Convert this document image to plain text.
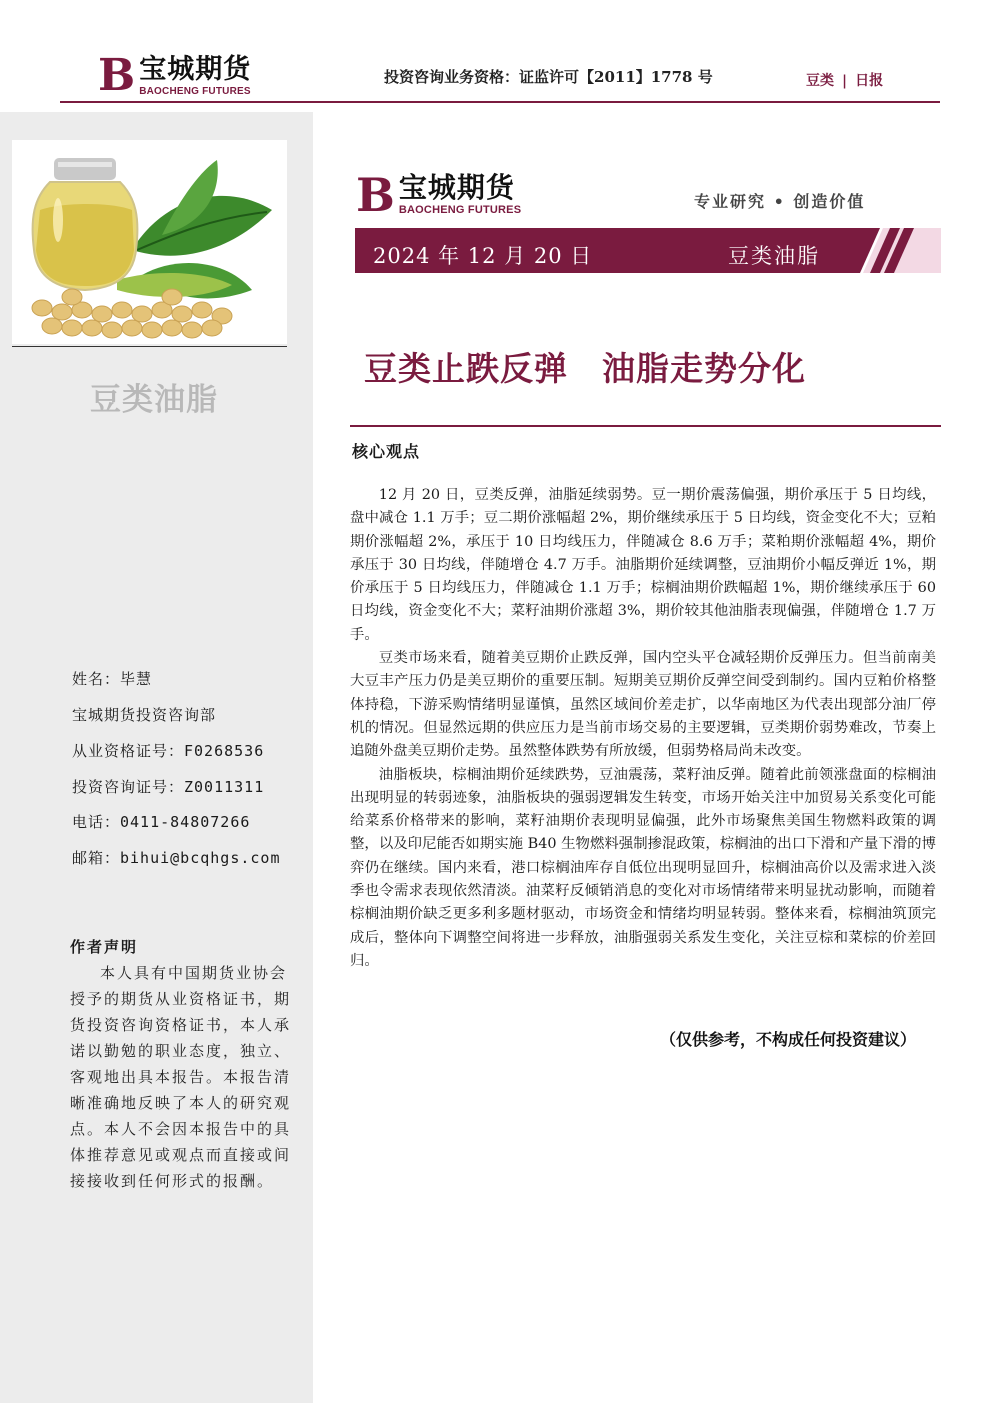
B 宝城期货
BAOCHENG FUTURES
投资咨询业务资格：证监许可【2011】1778 号	豆类 | 日报
豆类油脂
姓名：毕慧
宝城期货投资咨询部
从业资格证号：F0268536
投资咨询证号：Z0011311
电话：0411-84807266
邮箱：bihui@bcqhgs.com
作者声明
本人具有中国期货业协会授予的期货从业资格证书，期货投资咨询资格证书，本人承诺以勤勉的职业态度，独立、客观地出具本报告。本报告清晰准确地反映了本人的研究观点。本人不会因本报告中的具体推荐意见或观点而直接或间接接收到任何形式的报酬。
B 宝城期货
BAOCHENG FUTURES	专业研究 • 创造价值
2024 年 12 月 20 日	豆类油脂
豆类止跌反弹　油脂走势分化
核心观点

12 月 20 日，豆类反弹，油脂延续弱势。豆一期价震荡偏强，期价承压于 5 日均线，盘中减仓 1.1 万手；豆二期价涨幅超 2%，期价继续承压于 5 日均线，资金变化不大；豆粕期价涨幅超 2%，承压于 10 日均线压力，伴随减仓 8.6 万手；菜粕期价涨幅超 4%，期价承压于 30 日均线，伴随增仓 4.7 万手。油脂期价延续调整，豆油期价小幅反弹近 1%，期价承压于 5 日均线压力，伴随减仓 1.1 万手；棕榈油期价跌幅超 1%，期价继续承压于 60 日均线，资金变化不大；菜籽油期价涨超 3%，期价较其他油脂表现偏强，伴随增仓 1.7 万手。

豆类市场来看，随着美豆期价止跌反弹，国内空头平仓减轻期价反弹压力。但当前南美大豆丰产压力仍是美豆期价的重要压制。短期美豆期价反弹空间受到制约。国内豆粕价格整体持稳，下游采购情绪明显谨慎，虽然区域间价差走扩，以华南地区为代表出现部分油厂停机的情况。但显然远期的供应压力是当前市场交易的主要逻辑，豆类期价弱势难改，节奏上追随外盘美豆期价走势。虽然整体跌势有所放缓，但弱势格局尚未改变。

油脂板块，棕榈油期价延续跌势，豆油震荡，菜籽油反弹。随着此前领涨盘面的棕榈油出现明显的转弱迹象，油脂板块的强弱逻辑发生转变，市场开始关注中加贸易关系变化可能给菜系价格带来的影响，菜籽油期价表现明显偏强，此外市场聚焦美国生物燃料政策的调整，以及印尼能否如期实施 B40 生物燃料强制掺混政策，棕榈油的出口下滑和产量下滑的博弈仍在继续。国内来看，港口棕榈油库存自低位出现明显回升，棕榈油高价以及需求进入淡季也令需求表现依然清淡。油菜籽反倾销消息的变化对市场情绪带来明显扰动影响，而随着棕榈油期价缺乏更多利多题材驱动，市场资金和情绪均明显转弱。整体来看，棕榈油筑顶完成后，整体向下调整空间将进一步释放，油脂强弱关系发生变化，关注豆棕和菜棕的价差回归。

（仅供参考，不构成任何投资建议）
